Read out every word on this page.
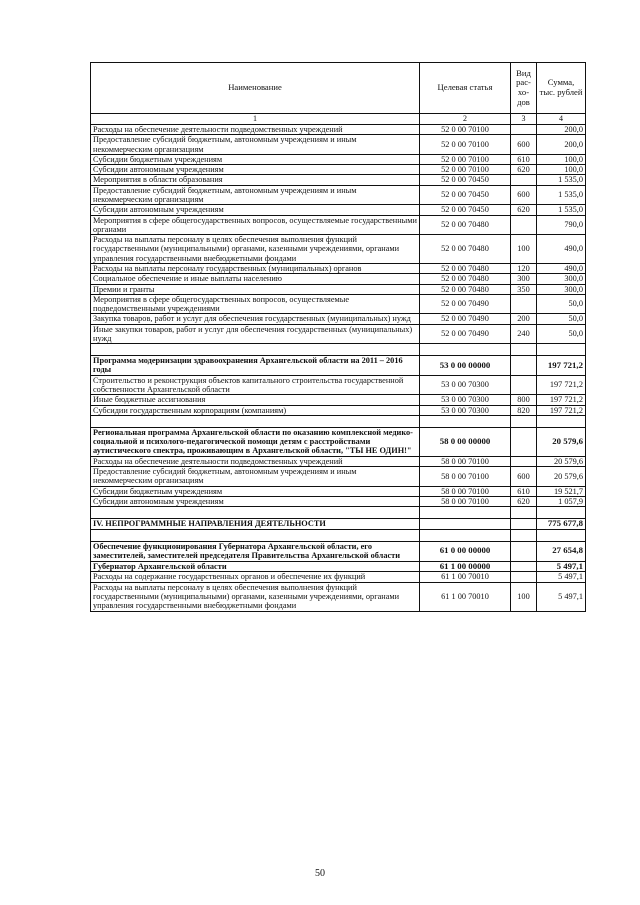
Наименование	Целевая статья	Вид рас-хо-дов	Сумма, тыс. рублей
1	2	3	4
Расходы на обеспечение деятельности подведомственных учреждений	52 0 00 70100		200,0
Предоставление субсидий бюджетным, автономным учреждениям и иным некоммерческим организациям	52 0 00 70100	600	200,0
Субсидии бюджетным учреждениям	52 0 00 70100	610	100,0
Субсидии автономным учреждениям	52 0 00 70100	620	100,0
Мероприятия в области образования	52 0 00 70450		1 535,0
Предоставление субсидий бюджетным, автономным учреждениям и иным некоммерческим организациям	52 0 00 70450	600	1 535,0
Субсидии автономным учреждениям	52 0 00 70450	620	1 535,0
Мероприятия в сфере общегосударственных вопросов, осуществляемые государственными органами	52 0 00 70480		790,0
Расходы на выплаты персоналу в целях обеспечения выполнения функций государственными (муниципальными) органами, казенными учреждениями, органами управления государственными внебюджетными фондами	52 0 00 70480	100	490,0
Расходы на выплаты персоналу государственных (муниципальных) органов	52 0 00 70480	120	490,0
Социальное обеспечение и иные выплаты населению	52 0 00 70480	300	300,0
Премии и гранты	52 0 00 70480	350	300,0
Мероприятия в сфере общегосударственных вопросов, осуществляемые подведомственными учреждениями	52 0 00 70490		50,0
Закупка товаров, работ и услуг для обеспечения государственных (муниципальных) нужд	52 0 00 70490	200	50,0
Иные закупки товаров, работ и услуг для обеспечения государственных (муниципальных) нужд	52 0 00 70490	240	50,0

Программа модернизации здравоохранения Архангельской области на 2011 – 2016 годы	53 0 00 00000		197 721,2
Строительство и реконструкция объектов капитального строительства государственной собственности Архангельской области	53 0 00 70300		197 721,2
Иные бюджетные ассигнования	53 0 00 70300	800	197 721,2
Субсидии государственным корпорациям (компаниям)	53 0 00 70300	820	197 721,2

Региональная программа Архангельской области по оказанию комплексной медико-социальной и психолого-педагогической помощи детям с расстройствами аутистического спектра, проживающим в Архангельской области, "ТЫ НЕ ОДИН!"	58 0 00 00000		20 579,6
Расходы на обеспечение деятельности подведомственных учреждений	58 0 00 70100		20 579,6
Предоставление субсидий бюджетным, автономным учреждениям и иным некоммерческим организациям	58 0 00 70100	600	20 579,6
Субсидии бюджетным учреждениям	58 0 00 70100	610	19 521,7
Субсидии автономным учреждениям	58 0 00 70100	620	1 057,9

IV. НЕПРОГРАММНЫЕ НАПРАВЛЕНИЯ ДЕЯТЕЛЬНОСТИ			775 677,8

Обеспечение функционирования Губернатора Архангельской области, его заместителей, заместителей председателя Правительства Архангельской области	61 0 00 00000		27 654,8
Губернатор Архангельской области	61 1 00 00000		5 497,1
Расходы на содержание государственных органов и обеспечение их функций	61 1 00 70010		5 497,1
Расходы на выплаты персоналу в целях обеспечения выполнения функций государственными (муниципальными) органами, казенными учреждениями, органами управления государственными внебюджетными фондами	61 1 00 70010	100	5 497,1
50
